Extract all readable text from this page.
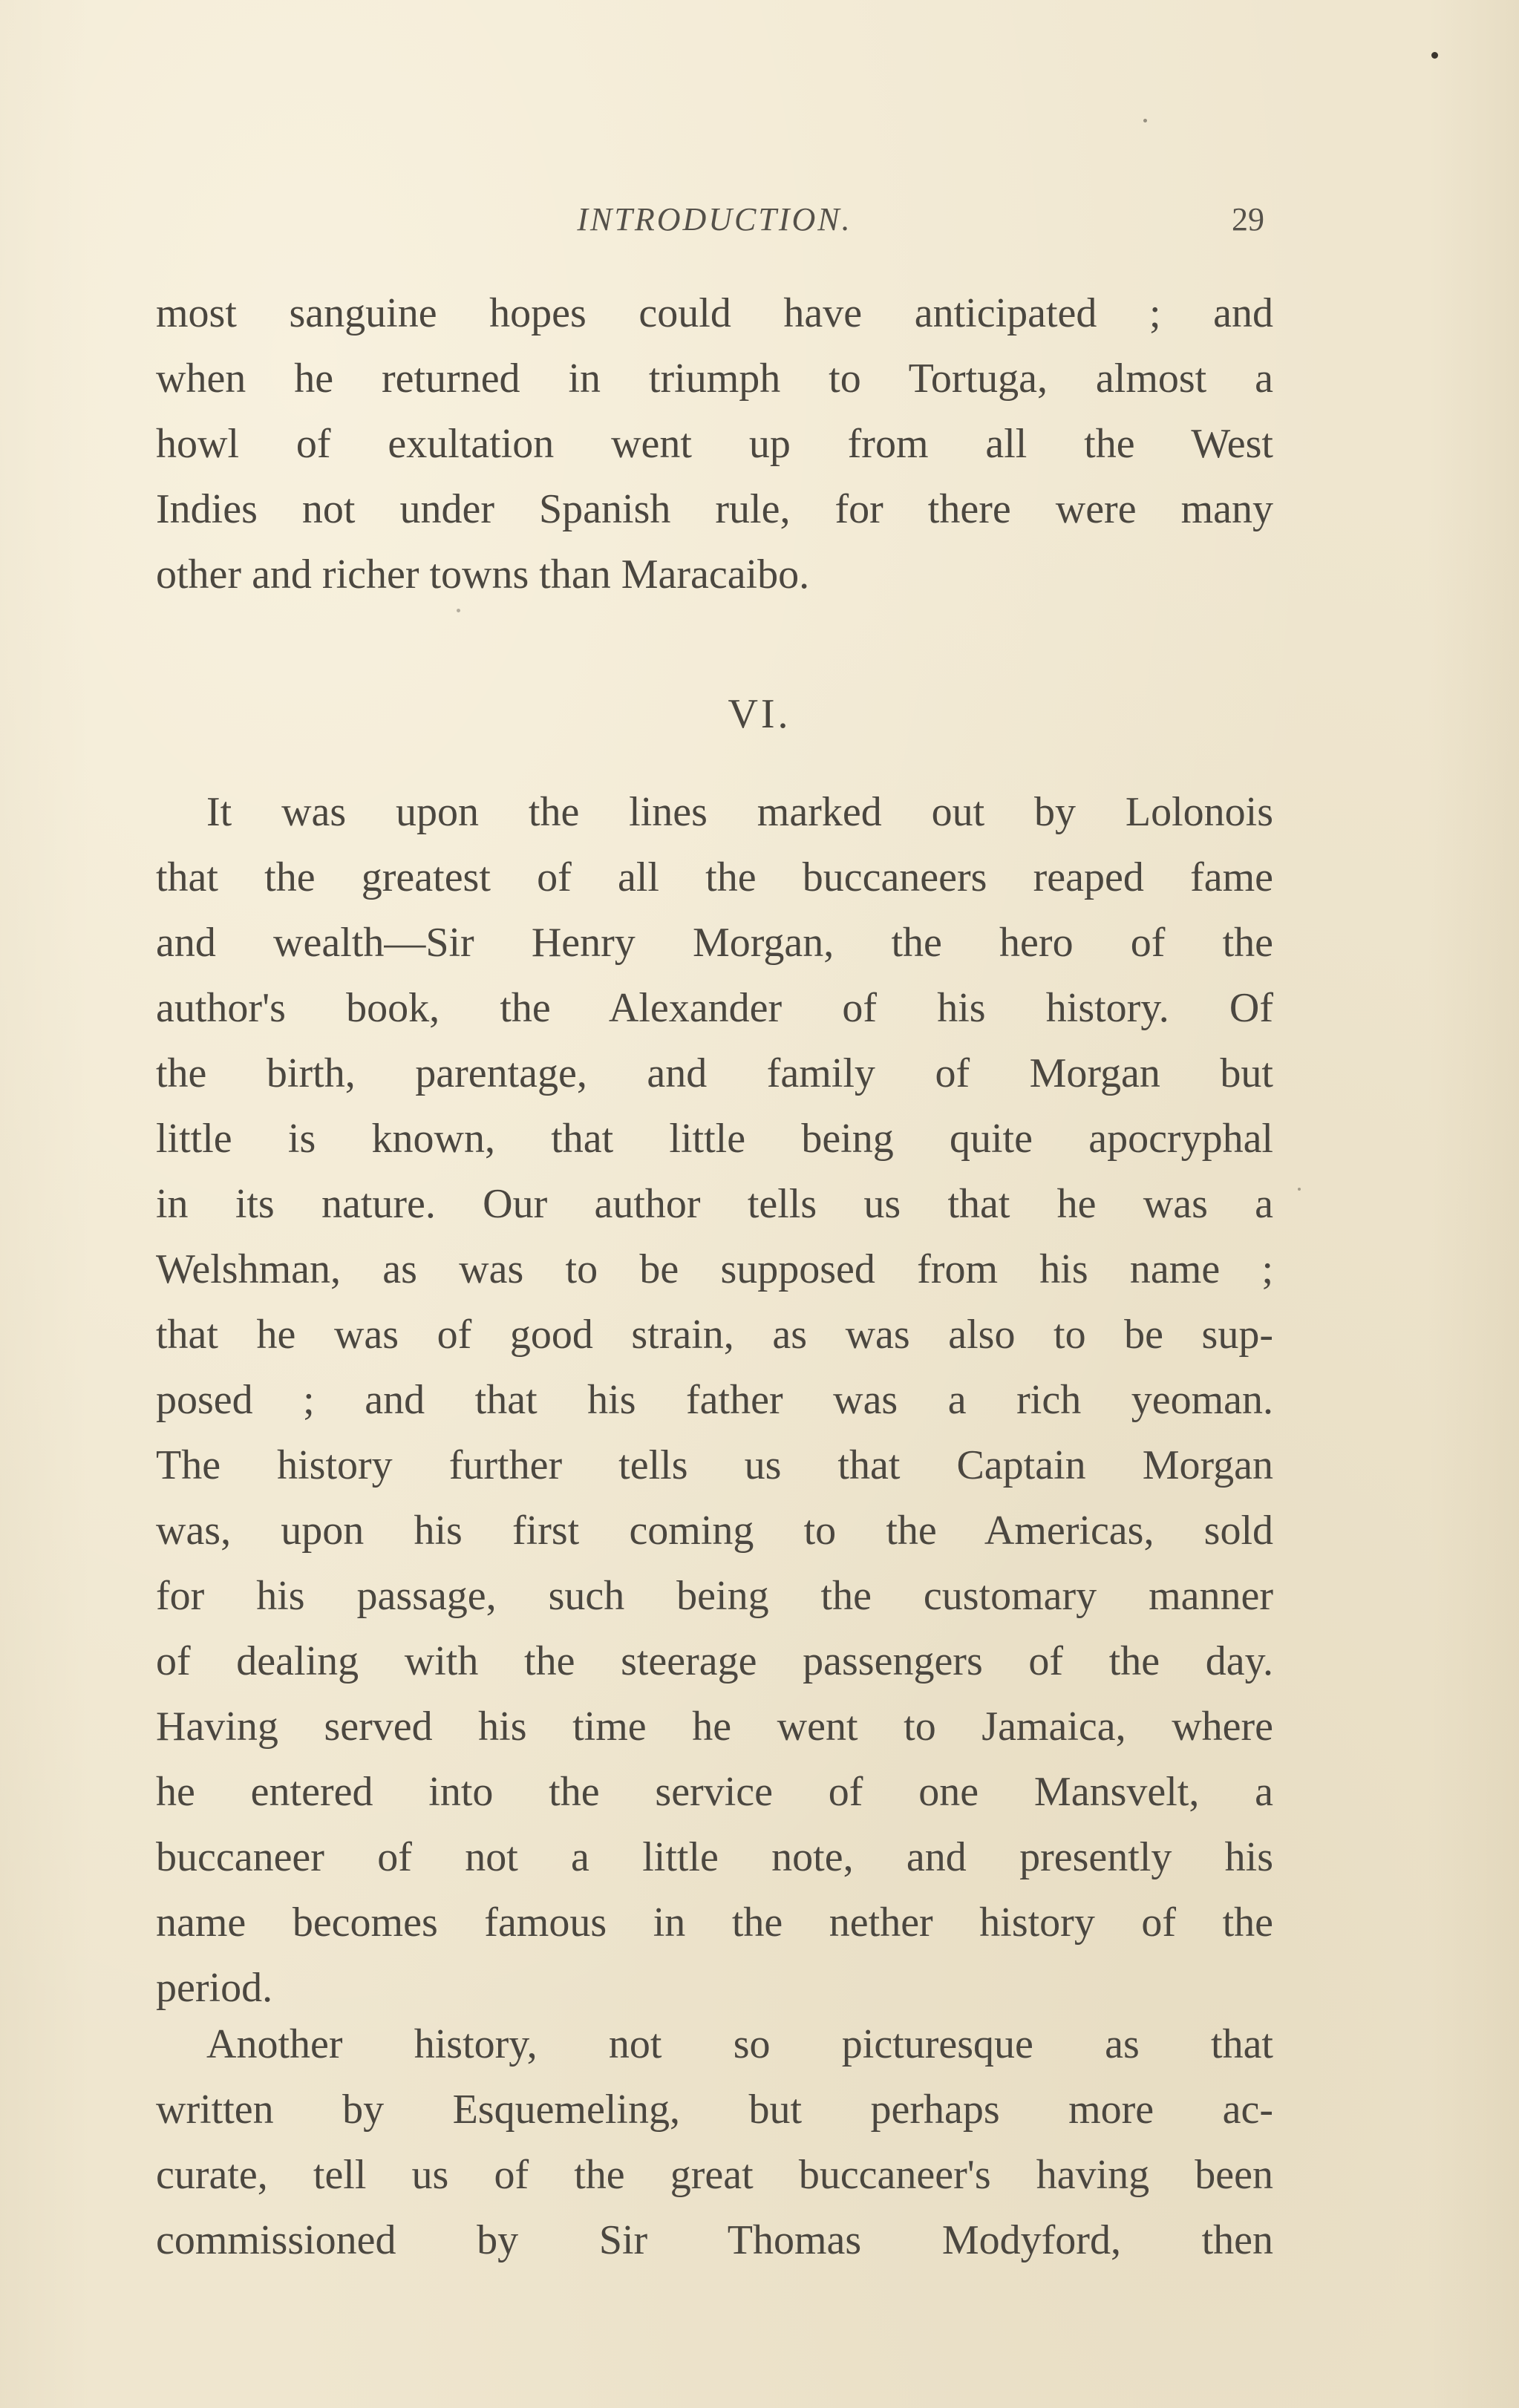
INTRODUCTION.	29
most sanguine hopes could have anticipated ; and
when he returned in triumph to Tortuga, almost a
howl of exultation went up from all the West
Indies not under Spanish rule, for there were many
other and richer towns than Maracaibo.
VI.
It was upon the lines marked out by Lolonois
that the greatest of all the buccaneers reaped fame
and wealth—Sir Henry Morgan, the hero of the
author's book, the Alexander of his history. Of
the birth, parentage, and family of Morgan but
little is known, that little being quite apocryphal
in its nature. Our author tells us that he was a
Welshman, as was to be supposed from his name ;
that he was of good strain, as was also to be sup-
posed ; and that his father was a rich yeoman.
The history further tells us that Captain Morgan
was, upon his first coming to the Americas, sold
for his passage, such being the customary manner
of dealing with the steerage passengers of the day.
Having served his time he went to Jamaica, where
he entered into the service of one Mansvelt, a
buccaneer of not a little note, and presently his
name becomes famous in the nether history of the
period.
Another history, not so picturesque as that
written by Esquemeling, but perhaps more ac-
curate, tell us of the great buccaneer's having been
commissioned by Sir Thomas Modyford, then
